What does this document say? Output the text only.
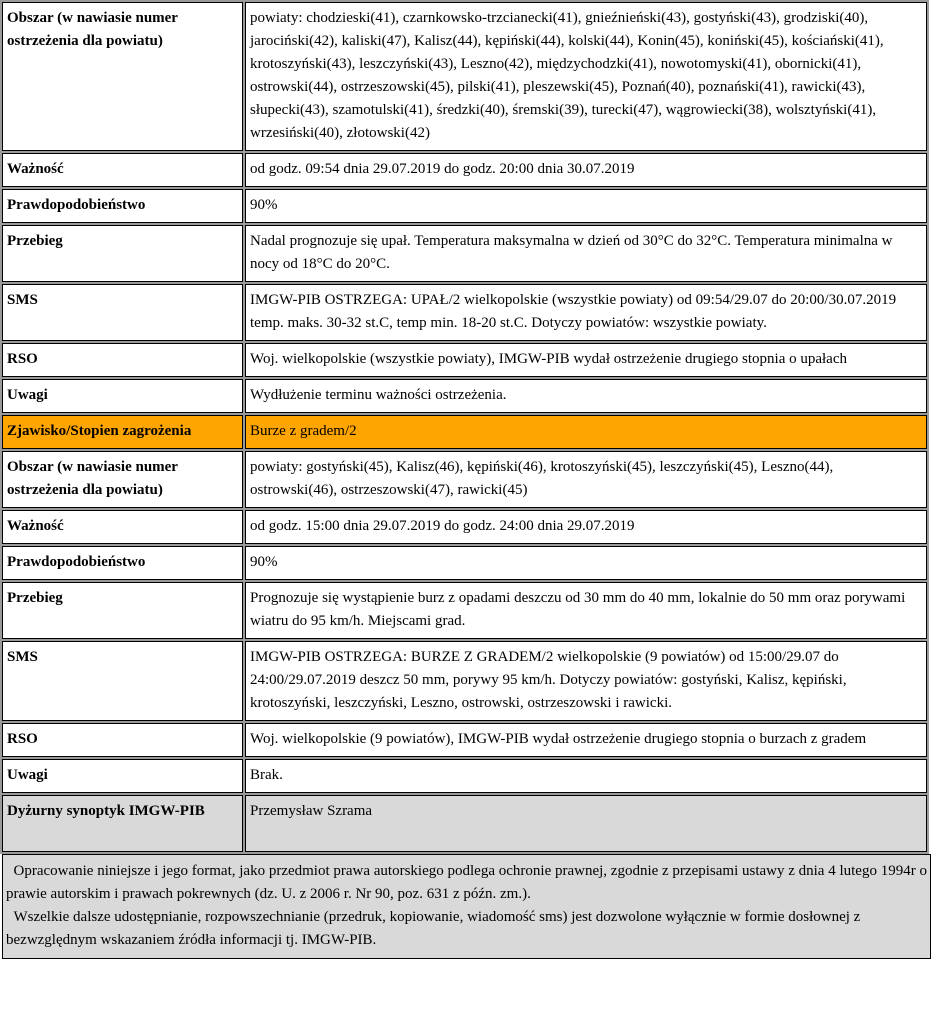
Obszar (w nawiasie numer ostrzeżenia dla powiatu)	powiaty: chodzieski(41), czarnkowsko-trzcianecki(41), gnieźnieński(43), gostyński(43), grodziski(40), jarociński(42), kaliski(47), Kalisz(44), kępiński(44), kolski(44), Konin(45), koniński(45), kościański(41), krotoszyński(43), leszczyński(43), Leszno(42), międzychodzki(41), nowotomyski(41), obornicki(41), ostrowski(44), ostrzeszowski(45), pilski(41), pleszewski(45), Poznań(40), poznański(41), rawicki(43), słupecki(43), szamotulski(41), średzki(40), śremski(39), turecki(47), wągrowiecki(38), wolsztyński(41), wrzesiński(40), złotowski(42)
Ważność	od godz. 09:54 dnia 29.07.2019 do godz. 20:00 dnia 30.07.2019
Prawdopodobieństwo	90%
Przebieg	Nadal prognozuje się upał. Temperatura maksymalna w dzień od 30°C do 32°C. Temperatura minimalna w nocy od 18°C do 20°C.
SMS	IMGW-PIB OSTRZEGA: UPAŁ/2 wielkopolskie (wszystkie powiaty) od 09:54/29.07 do 20:00/30.07.2019 temp. maks. 30-32 st.C, temp min. 18-20 st.C. Dotyczy powiatów: wszystkie powiaty.
RSO	Woj. wielkopolskie (wszystkie powiaty), IMGW-PIB wydał ostrzeżenie drugiego stopnia o upałach
Uwagi	Wydłużenie terminu ważności ostrzeżenia.
Zjawisko/Stopien zagrożenia	Burze z gradem/2
Obszar (w nawiasie numer ostrzeżenia dla powiatu)	powiaty: gostyński(45), Kalisz(46), kępiński(46), krotoszyński(45), leszczyński(45), Leszno(44), ostrowski(46), ostrzeszowski(47), rawicki(45)
Ważność	od godz. 15:00 dnia 29.07.2019 do godz. 24:00 dnia 29.07.2019
Prawdopodobieństwo	90%
Przebieg	Prognozuje się wystąpienie burz z opadami deszczu od 30 mm do 40 mm, lokalnie do 50 mm oraz porywami wiatru do 95 km/h. Miejscami grad.
SMS	IMGW-PIB OSTRZEGA: BURZE Z GRADEM/2 wielkopolskie (9 powiatów) od 15:00/29.07 do 24:00/29.07.2019 deszcz 50 mm, porywy 95 km/h. Dotyczy powiatów: gostyński, Kalisz, kępiński, krotoszyński, leszczyński, Leszno, ostrowski, ostrzeszowski i rawicki.
RSO	Woj. wielkopolskie (9 powiatów), IMGW-PIB wydał ostrzeżenie drugiego stopnia o burzach z gradem
Uwagi	Brak.
Dyżurny synoptyk IMGW-PIB	Przemysław Szrama

Opracowanie niniejsze i jego format, jako przedmiot prawa autorskiego podlega ochronie prawnej, zgodnie z przepisami ustawy z dnia 4 lutego 1994r o prawie autorskim i prawach pokrewnych (dz. U. z 2006 r. Nr 90, poz. 631 z późn. zm.).

Wszelkie dalsze udostępnianie, rozpowszechnianie (przedruk, kopiowanie, wiadomość sms) jest dozwolone wyłącznie w formie dosłownej z bezwzględnym wskazaniem źródła informacji tj. IMGW-PIB.
